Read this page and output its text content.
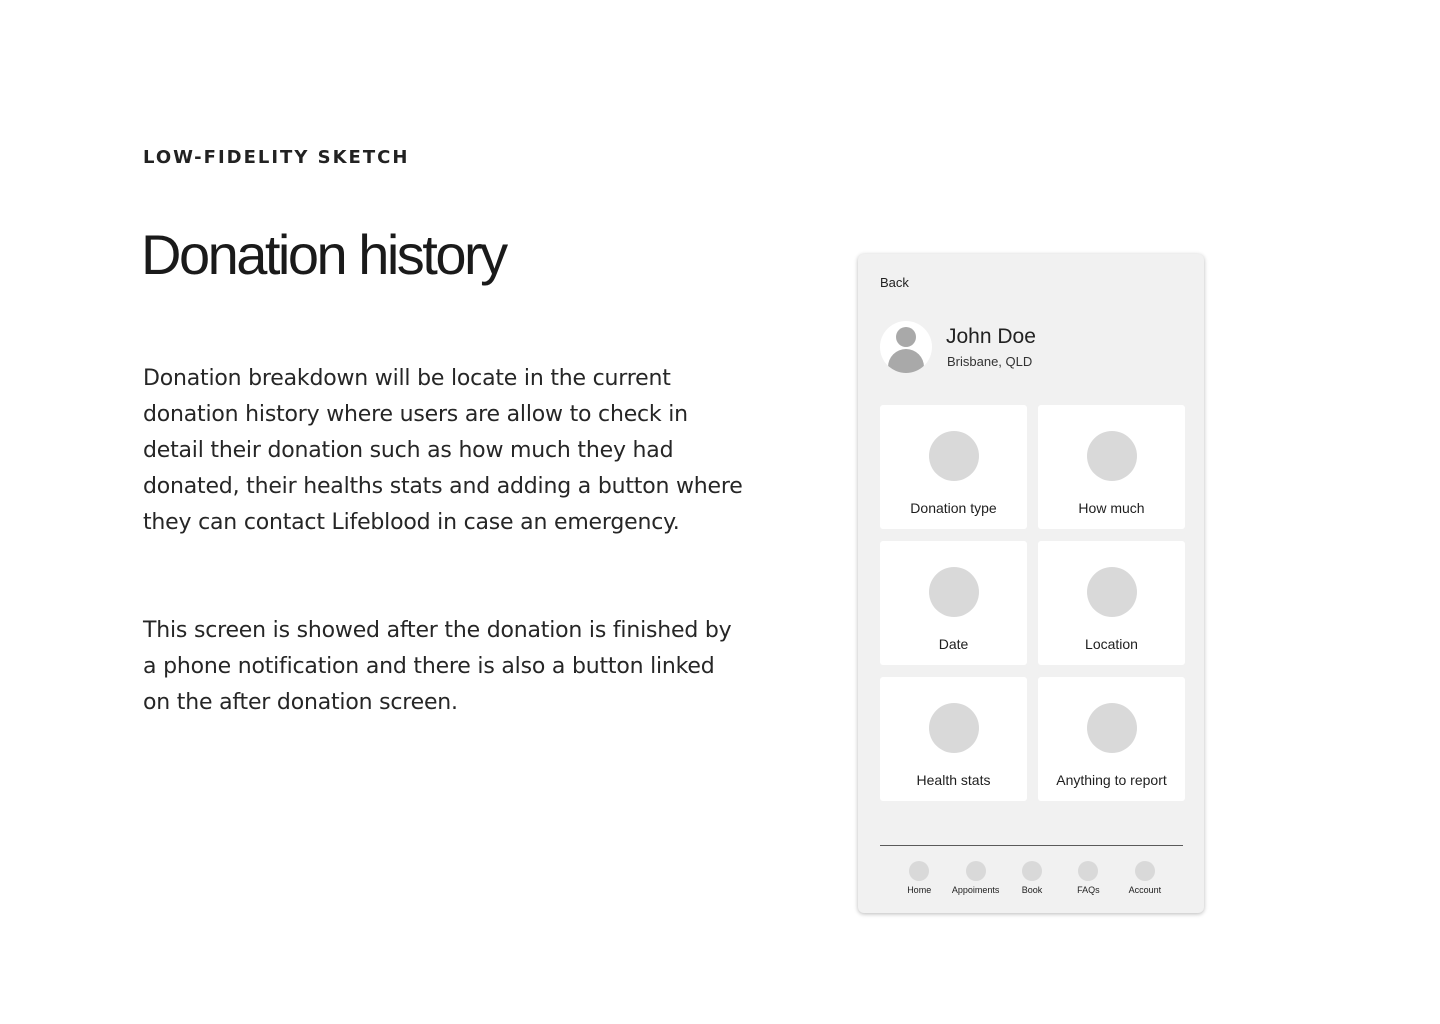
LOW-FIDELITY SKETCH
Donation history

Donation breakdown will be locate in the current donation history where users are allow to check in detail their donation such as how much they had donated, their healths stats and adding a button where they can contact Lifeblood in case an emergency.

This screen is showed after the donation is finished by a phone notification and there is also a button linked on the after donation screen.

Back
John Doe
Brisbane, QLD
Donation type	How much
Date	Location
Health stats	Anything to report
Home Appoiments Book	FAQs	Account
